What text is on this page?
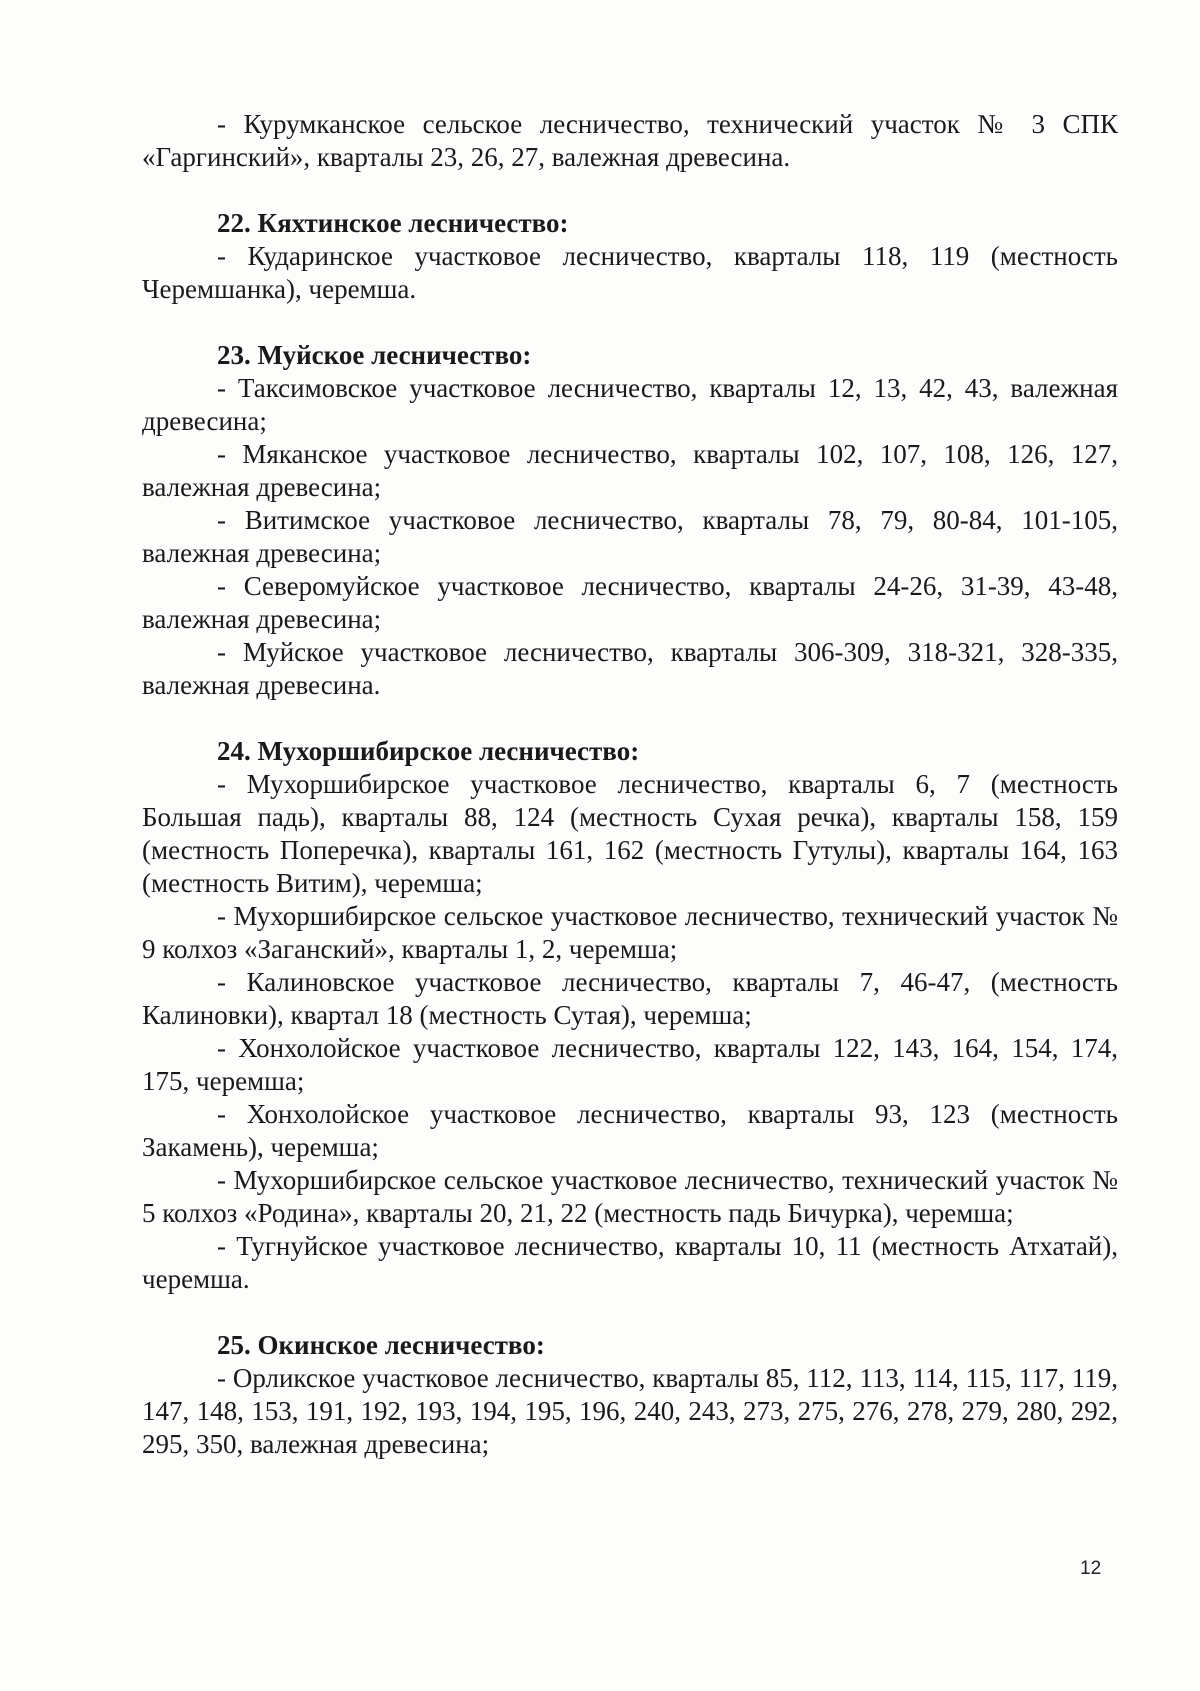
- Курумканское сельское лесничество, технический участок № 3 СПК «Гаргинский», кварталы 23, 26, 27, валежная древесина.

22. Кяхтинское лесничество:

- Кударинское участковое лесничество, кварталы 118, 119 (местность Черемшанка), черемша.

23. Муйское лесничество:

- Таксимовское участковое лесничество, кварталы 12, 13, 42, 43, валежная древесина;

- Мяканское участковое лесничество, кварталы 102, 107, 108, 126, 127, валежная древесина;

- Витимское участковое лесничество, кварталы 78, 79, 80-84, 101-105, валежная древесина;

- Северомуйское участковое лесничество, кварталы 24-26, 31-39, 43-48, валежная древесина;

- Муйское участковое лесничество, кварталы 306-309, 318-321, 328-335, валежная древесина.

24. Мухоршибирское лесничество:

- Мухоршибирское участковое лесничество, кварталы 6, 7 (местность Большая падь), кварталы 88, 124 (местность Сухая речка), кварталы 158, 159 (местность Поперечка), кварталы 161, 162 (местность Гутулы), кварталы 164, 163 (местность Витим), черемша;

- Мухоршибирское сельское участковое лесничество, технический участок № 9 колхоз «Заганский», кварталы 1, 2, черемша;

- Калиновское участковое лесничество, кварталы 7, 46-47, (местность Калиновки), квартал 18 (местность Сутая), черемша;

- Хонхолойское участковое лесничество, кварталы 122, 143, 164, 154, 174, 175, черемша;

- Хонхолойское участковое лесничество, кварталы 93, 123 (местность Закамень), черемша;

- Мухоршибирское сельское участковое лесничество, технический участок № 5 колхоз «Родина», кварталы 20, 21, 22 (местность падь Бичурка), черемша;

- Тугнуйское участковое лесничество, кварталы 10, 11 (местность Атхатай), черемша.

25. Окинское лесничество:

- Орликское участковое лесничество, кварталы 85, 112, 113, 114, 115, 117, 119, 147, 148, 153, 191, 192, 193, 194, 195, 196, 240, 243, 273, 275, 276, 278, 279, 280, 292, 295, 350, валежная древесина;

12
